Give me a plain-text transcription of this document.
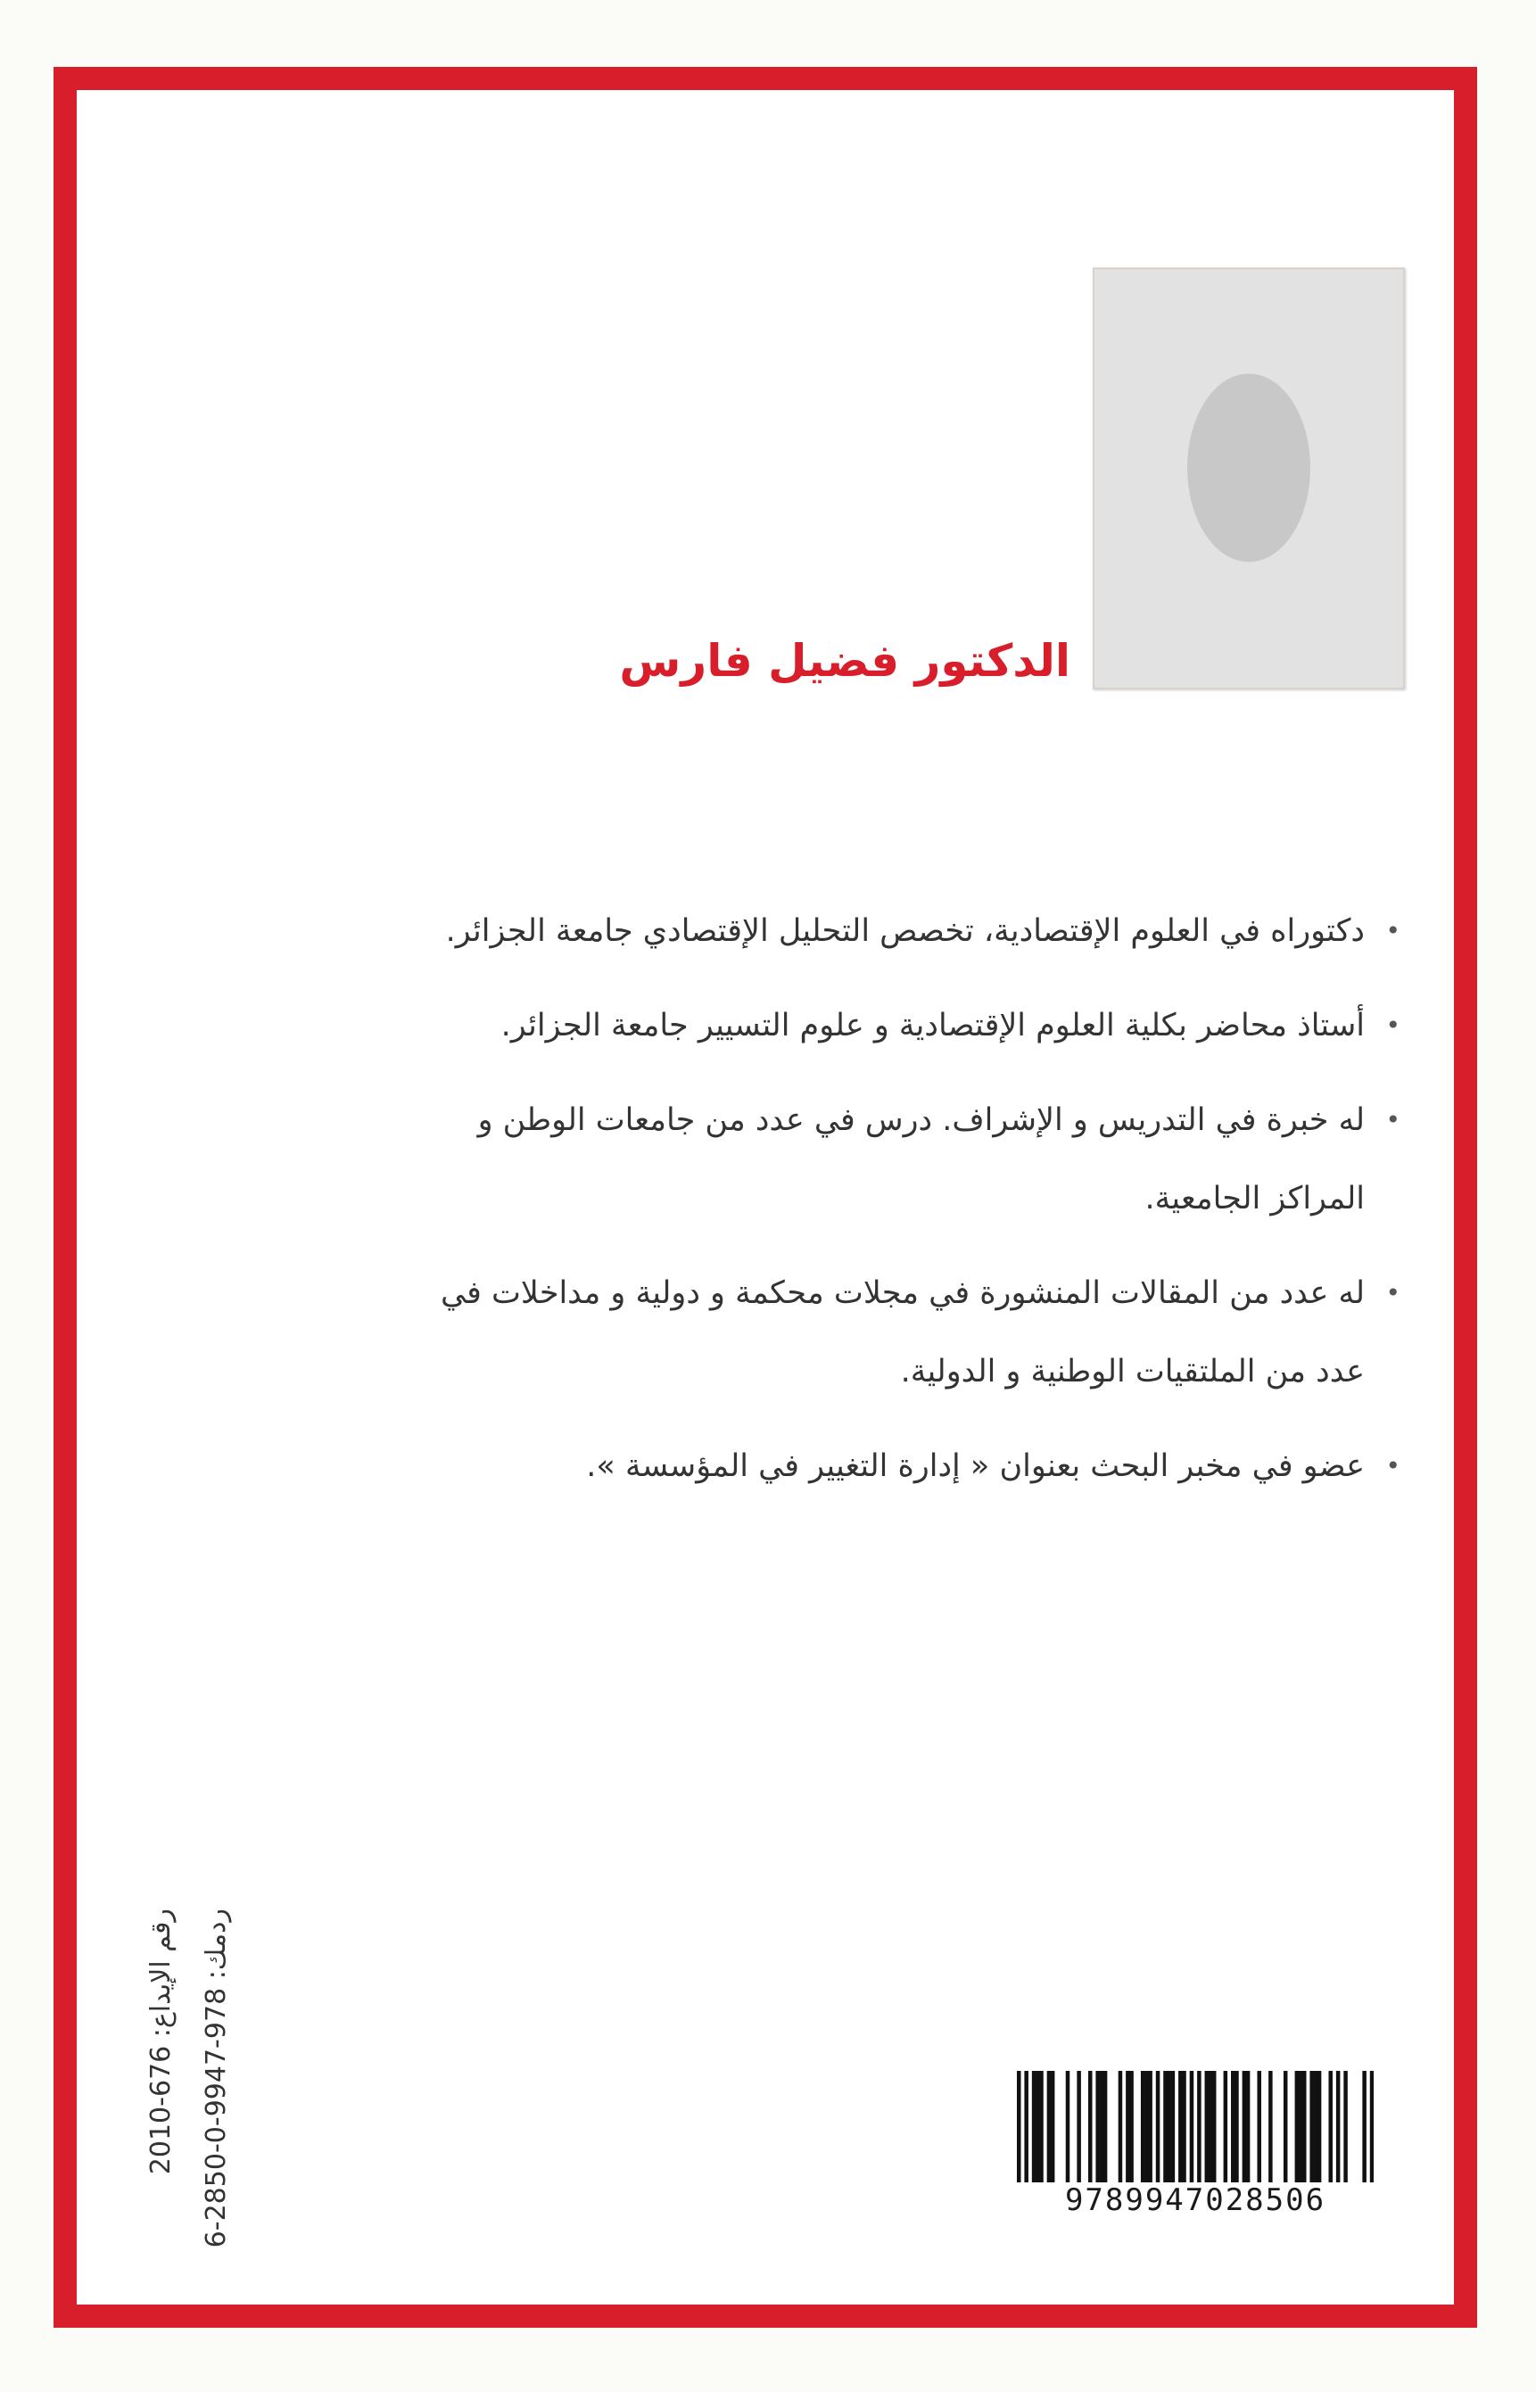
الدكتور فضيل فارس
•
دكتوراه في العلوم الإقتصادية، تخصص التحليل الإقتصادي جامعة الجزائر.
•
أستاذ محاضر بكلية العلوم الإقتصادية و علوم التسيير جامعة الجزائر.
•
له خبرة في التدريس و الإشراف. درس في عدد من جامعات الوطن و المراكز الجامعية.
•
له عدد من المقالات المنشورة في مجلات محكمة و دولية و مداخلات في عدد من الملتقيات الوطنية و الدولية.
•
عضو في مخبر البحث بعنوان « إدارة التغيير في المؤسسة ».
رقم الإيداع: 676-2010
ردمك: 978-9947-0-2850-6
9789947028506
